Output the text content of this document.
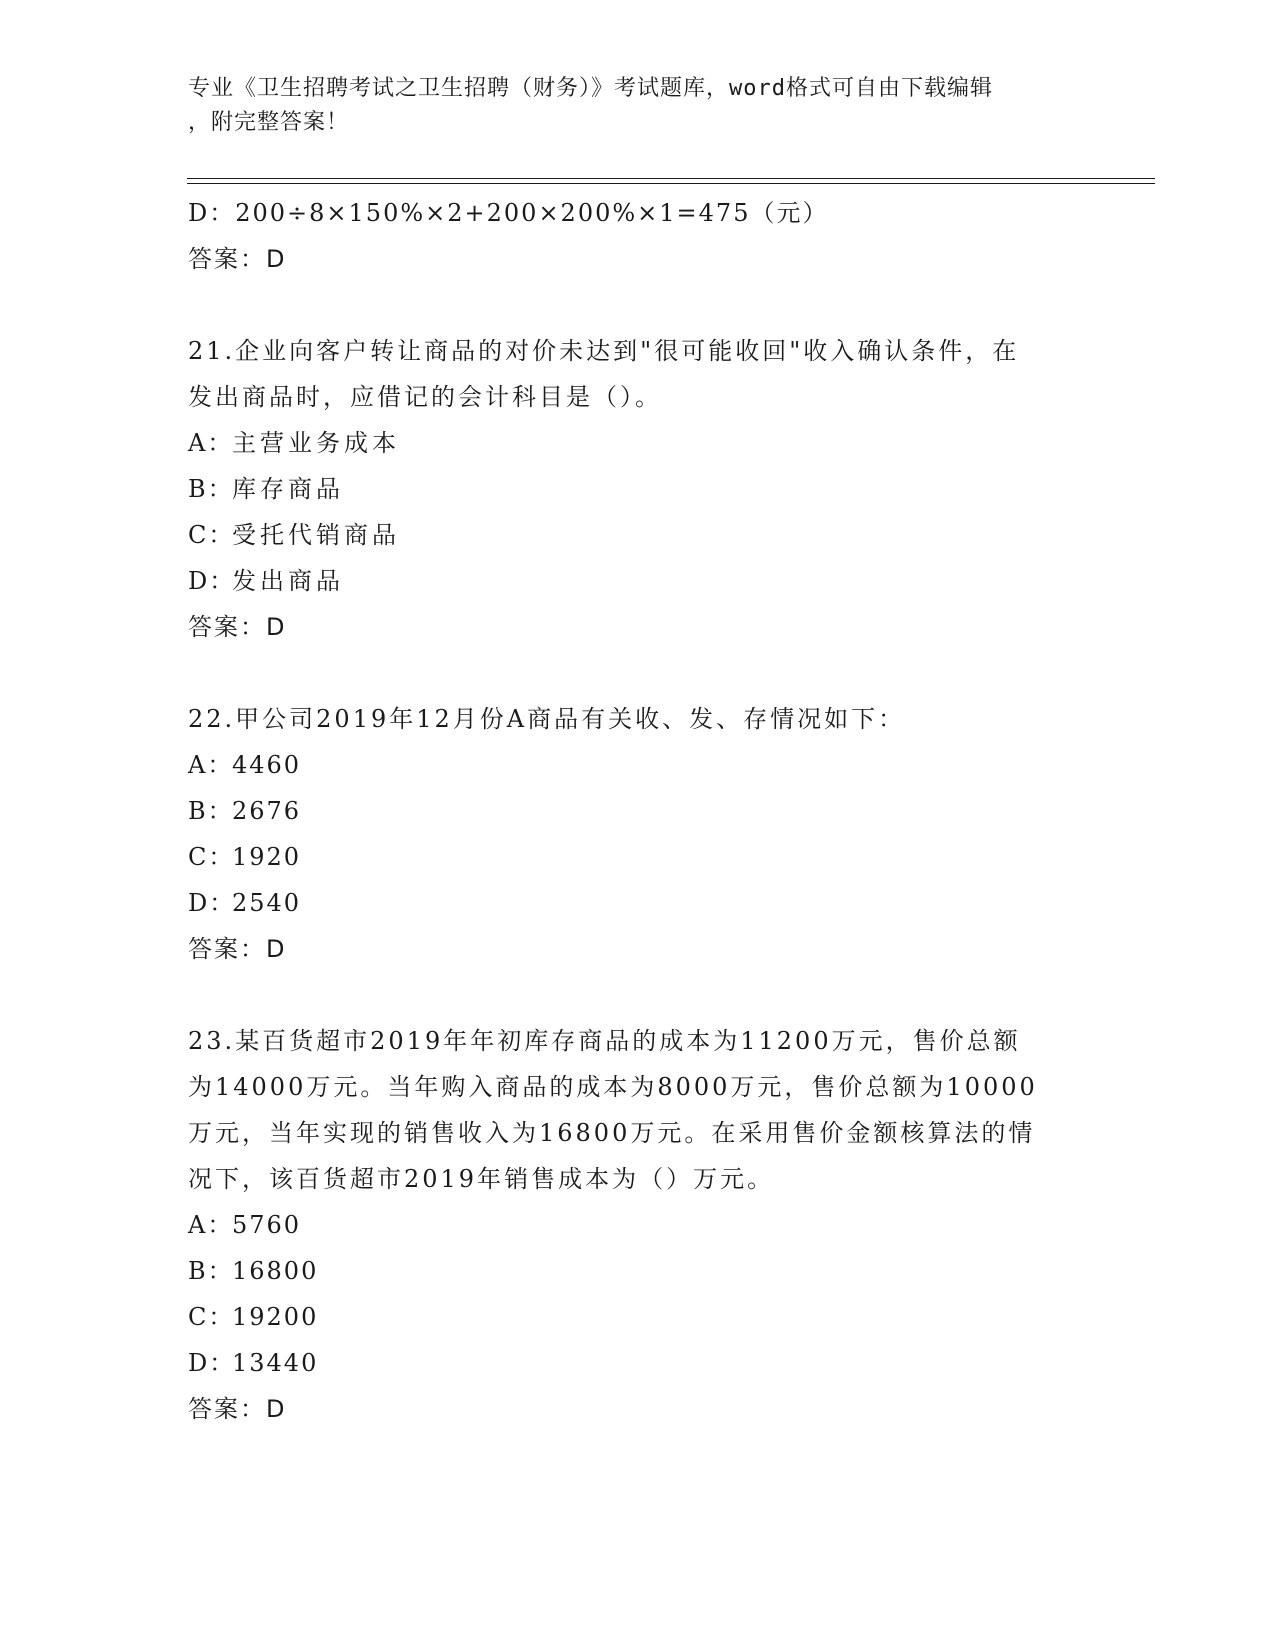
专业《卫生招聘考试之卫生招聘（财务）》考试题库，word格式可自由下载编辑
，附完整答案！
D：200÷8×150%×2+200×200%×1=475（元）
答案：D
21.企业向客户转让商品的对价未达到"很可能收回"收入确认条件，在发出商品时，应借记的会计科目是（）。
A：主营业务成本
B：库存商品
C：受托代销商品
D：发出商品
答案：D
22.甲公司2019年12月份A商品有关收、发、存情况如下：
A：4460
B：2676
C：1920
D：2540
答案：D
23.某百货超市2019年年初库存商品的成本为11200万元，售价总额为14000万元。当年购入商品的成本为8000万元，售价总额为10000万元，当年实现的销售收入为16800万元。在采用售价金额核算法的情况下，该百货超市2019年销售成本为（）万元。
A：5760
B：16800
C：19200
D：13440
答案：D
